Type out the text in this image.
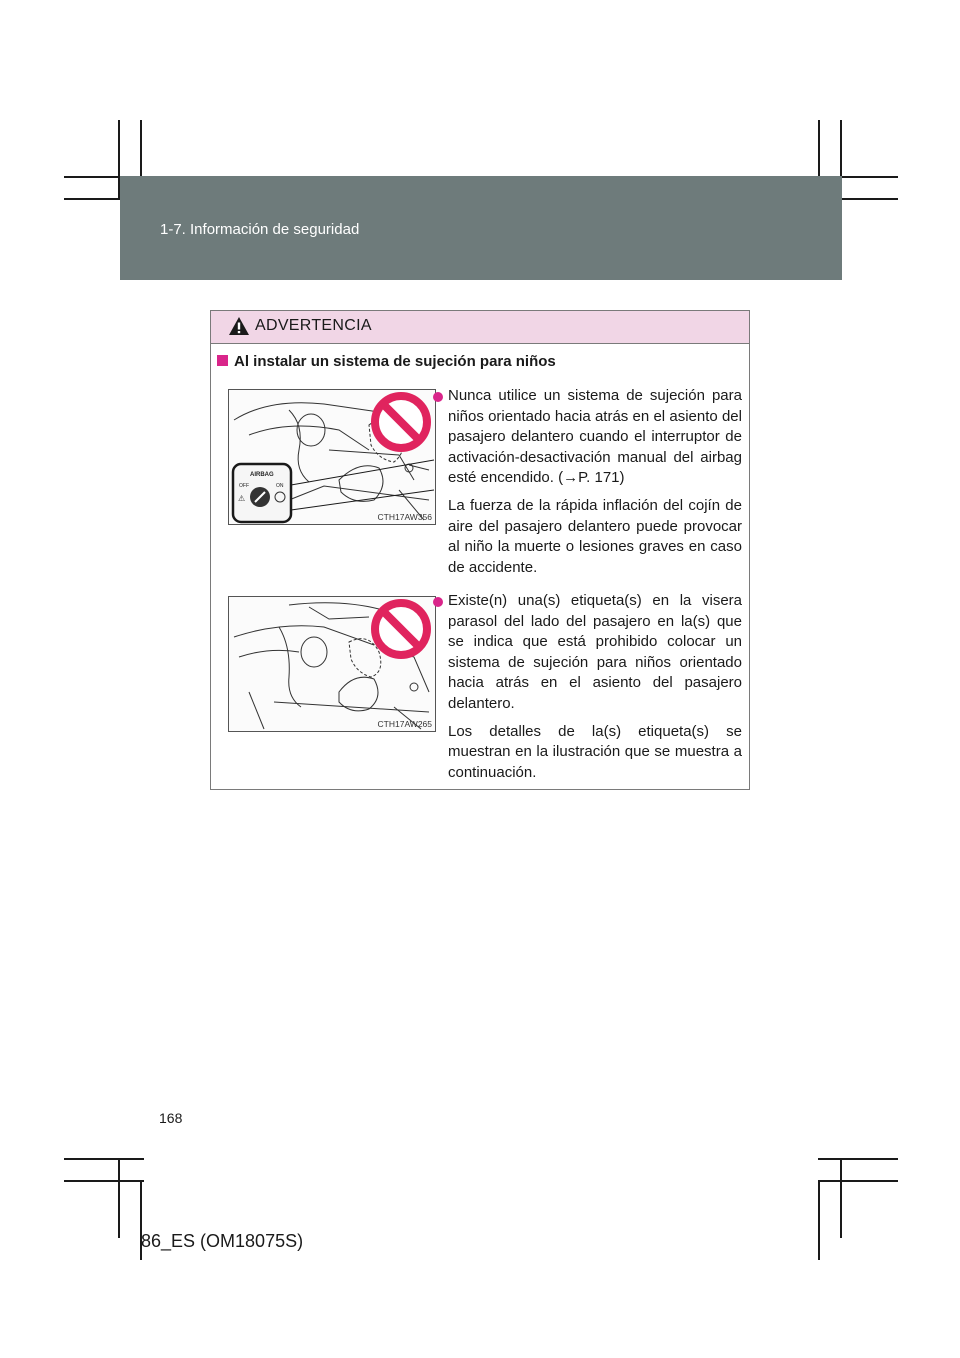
1-7. Información de seguridad
ADVERTENCIA
Al instalar un sistema de sujeción para niños
AIRBAG
OFF	ON
⚠
CTH17AW356
CTH17AW265

Nunca utilice un sistema de sujeción para niños orientado hacia atrás en el asiento del pasajero delantero cuando el interruptor de activación-desactivación manual del airbag esté encendido. (→P. 171)

La fuerza de la rápida inflación del cojín de aire del pasajero delantero puede provocar al niño la muerte o lesiones graves en caso de accidente.

Existe(n) una(s) etiqueta(s) en la visera parasol del lado del pasajero en la(s) que se indica que está prohibido colocar un sistema de sujeción para niños orientado hacia atrás en el asiento del pasajero delantero.

Los detalles de la(s) etiqueta(s) se muestran en la ilustración que se muestra a continuación.

168
86_ES (OM18075S)
